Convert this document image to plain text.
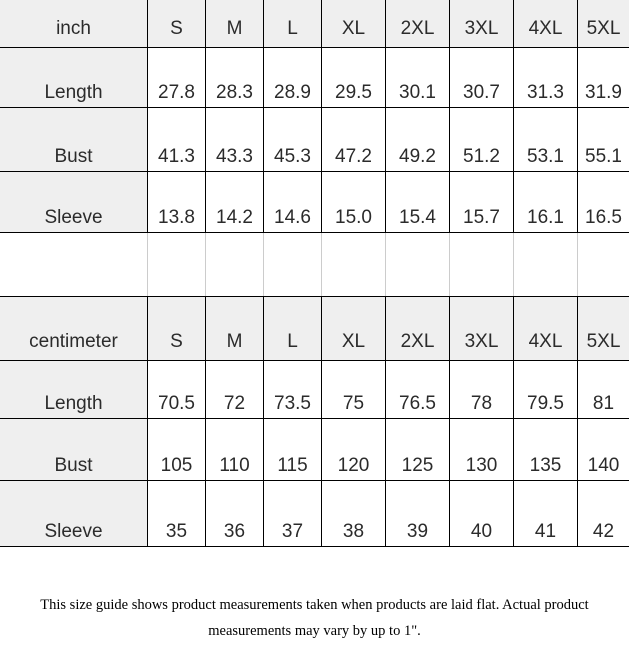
inch	S	M	L	XL	2XL	3XL	4XL	5XL
Length	27.8	28.3	28.9	29.5	30.1	30.7	31.3	31.9
Bust	41.3	43.3	45.3	47.2	49.2	51.2	53.1	55.1
Sleeve	13.8	14.2	14.6	15.0	15.4	15.7	16.1	16.5
centimeter	S	M	L	XL	2XL	3XL	4XL	5XL
Length	70.5	72	73.5	75	76.5	78	79.5	81
Bust	105	110	115	120	125	130	135	140
Sleeve	35	36	37	38	39	40	41	42

This size guide shows product measurements taken when products are laid flat. Actual product measurements may vary by up to 1".
